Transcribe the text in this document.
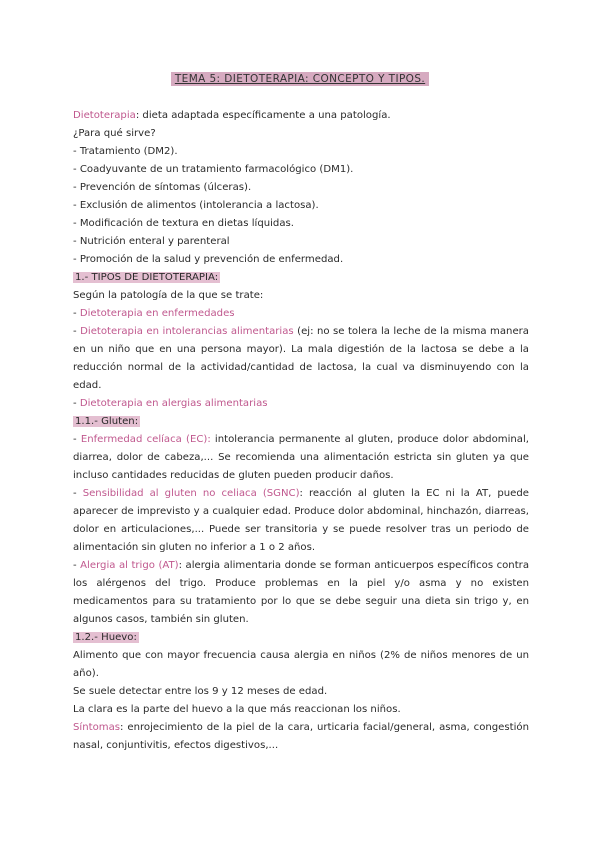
TEMA 5: DIETOTERAPIA: CONCEPTO Y TIPOS.
Dietoterapia: dieta adaptada específicamente a una patología.
¿Para qué sirve?
- Tratamiento (DM2).
- Coadyuvante de un tratamiento farmacológico (DM1).
- Prevención de síntomas (úlceras).
- Exclusión de alimentos (intolerancia a lactosa).
- Modificación de textura en dietas líquidas.
- Nutrición enteral y parenteral
- Promoción de la salud y prevención de enfermedad.
1.- TIPOS DE DIETOTERAPIA:
Según la patología de la que se trate:
- Dietoterapia en enfermedades
- Dietoterapia en intolerancias alimentarias (ej: no se tolera la leche de la misma manera en un niño que en una persona mayor). La mala digestión de la lactosa se debe a la reducción normal de la actividad/cantidad de lactosa, la cual va disminuyendo con la edad.
- Dietoterapia en alergias alimentarias
1.1.- Gluten:
- Enfermedad celíaca (EC): intolerancia permanente al gluten, produce dolor abdominal, diarrea, dolor de cabeza,... Se recomienda una alimentación estricta sin gluten ya que incluso cantidades reducidas de gluten pueden producir daños.
- Sensibilidad al gluten no celiaca (SGNC): reacción al gluten la EC ni la AT, puede aparecer de imprevisto y a cualquier edad. Produce dolor abdominal, hinchazón, diarreas, dolor en articulaciones,... Puede ser transitoria y se puede resolver tras un periodo de alimentación sin gluten no inferior a 1 o 2 años.
- Alergia al trigo (AT): alergia alimentaria donde se forman anticuerpos específicos contra los alérgenos del trigo. Produce problemas en la piel y/o asma y no existen medicamentos para su tratamiento por lo que se debe seguir una dieta sin trigo y, en algunos casos, también sin gluten.
1.2.- Huevo:
Alimento que con mayor frecuencia causa alergia en niños (2% de niños menores de un año).
Se suele detectar entre los 9 y 12 meses de edad.
La clara es la parte del huevo a la que más reaccionan los niños.
Síntomas: enrojecimiento de la piel de la cara, urticaria facial/general, asma, congestión nasal, conjuntivitis, efectos digestivos,...
